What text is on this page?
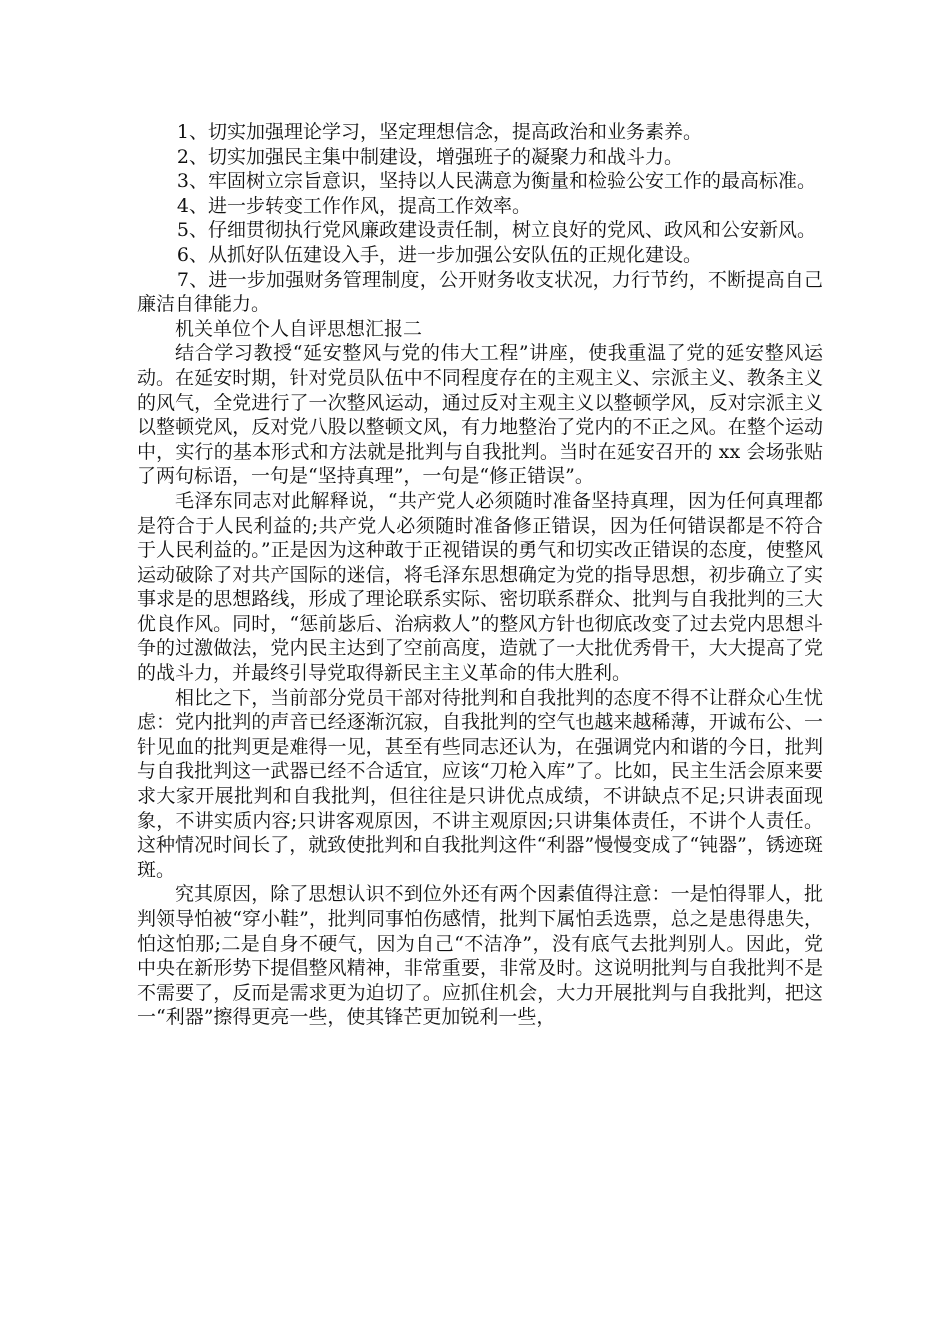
1、切实加强理论学习，坚定理想信念，提高政治和业务素养。

2、切实加强民主集中制建设，增强班子的凝聚力和战斗力。

3、牢固树立宗旨意识，坚持以人民满意为衡量和检验公安工作的最高标准。

4、进一步转变工作作风，提高工作效率。

5、仔细贯彻执行党风廉政建设责任制，树立良好的党风、政风和公安新风。

6、从抓好队伍建设入手，进一步加强公安队伍的正规化建设。

7、进一步加强财务管理制度，公开财务收支状况，力行节约，不断提高自己廉洁自律能力。

机关单位个人自评思想汇报二

结合学习教授“延安整风与党的伟大工程”讲座，使我重温了党的延安整风运动。在延安时期，针对党员队伍中不同程度存在的主观主义、宗派主义、教条主义的风气，全党进行了一次整风运动，通过反对主观主义以整顿学风，反对宗派主义以整顿党风，反对党八股以整顿文风，有力地整治了党内的不正之风。在整个运动中，实行的基本形式和方法就是批判与自我批判。当时在延安召开的 xx 会场张贴了两句标语，一句是“坚持真理”，一句是“修正错误”。

毛泽东同志对此解释说，“共产党人必须随时准备坚持真理，因为任何真理都是符合于人民利益的;共产党人必须随时准备修正错误，因为任何错误都是不符合于人民利益的。”正是因为这种敢于正视错误的勇气和切实改正错误的态度，使整风运动破除了对共产国际的迷信，将毛泽东思想确定为党的指导思想，初步确立了实事求是的思想路线，形成了理论联系实际、密切联系群众、批判与自我批判的三大优良作风。同时，“惩前毖后、治病救人”的整风方针也彻底改变了过去党内思想斗争的过激做法，党内民主达到了空前高度，造就了一大批优秀骨干，大大提高了党的战斗力，并最终引导党取得新民主主义革命的伟大胜利。

相比之下，当前部分党员干部对待批判和自我批判的态度不得不让群众心生忧虑：党内批判的声音已经逐渐沉寂，自我批判的空气也越来越稀薄，开诚布公、一针见血的批判更是难得一见，甚至有些同志还认为，在强调党内和谐的今日，批判与自我批判这一武器已经不合适宜，应该“刀枪入库”了。比如，民主生活会原来要求大家开展批判和自我批判，但往往是只讲优点成绩，不讲缺点不足;只讲表面现象，不讲实质内容;只讲客观原因，不讲主观原因;只讲集体责任，不讲个人责任。这种情况时间长了，就致使批判和自我批判这件“利器”慢慢变成了“钝器”，锈迹斑斑。

究其原因，除了思想认识不到位外还有两个因素值得注意：一是怕得罪人，批判领导怕被“穿小鞋”，批判同事怕伤感情，批判下属怕丢选票，总之是患得患失，怕这怕那;二是自身不硬气，因为自己“不洁净”，没有底气去批判别人。因此，党中央在新形势下提倡整风精神，非常重要，非常及时。这说明批判与自我批判不是不需要了，反而是需求更为迫切了。应抓住机会，大力开展批判与自我批判，把这一“利器”擦得更亮一些，使其锋芒更加锐利一些，
